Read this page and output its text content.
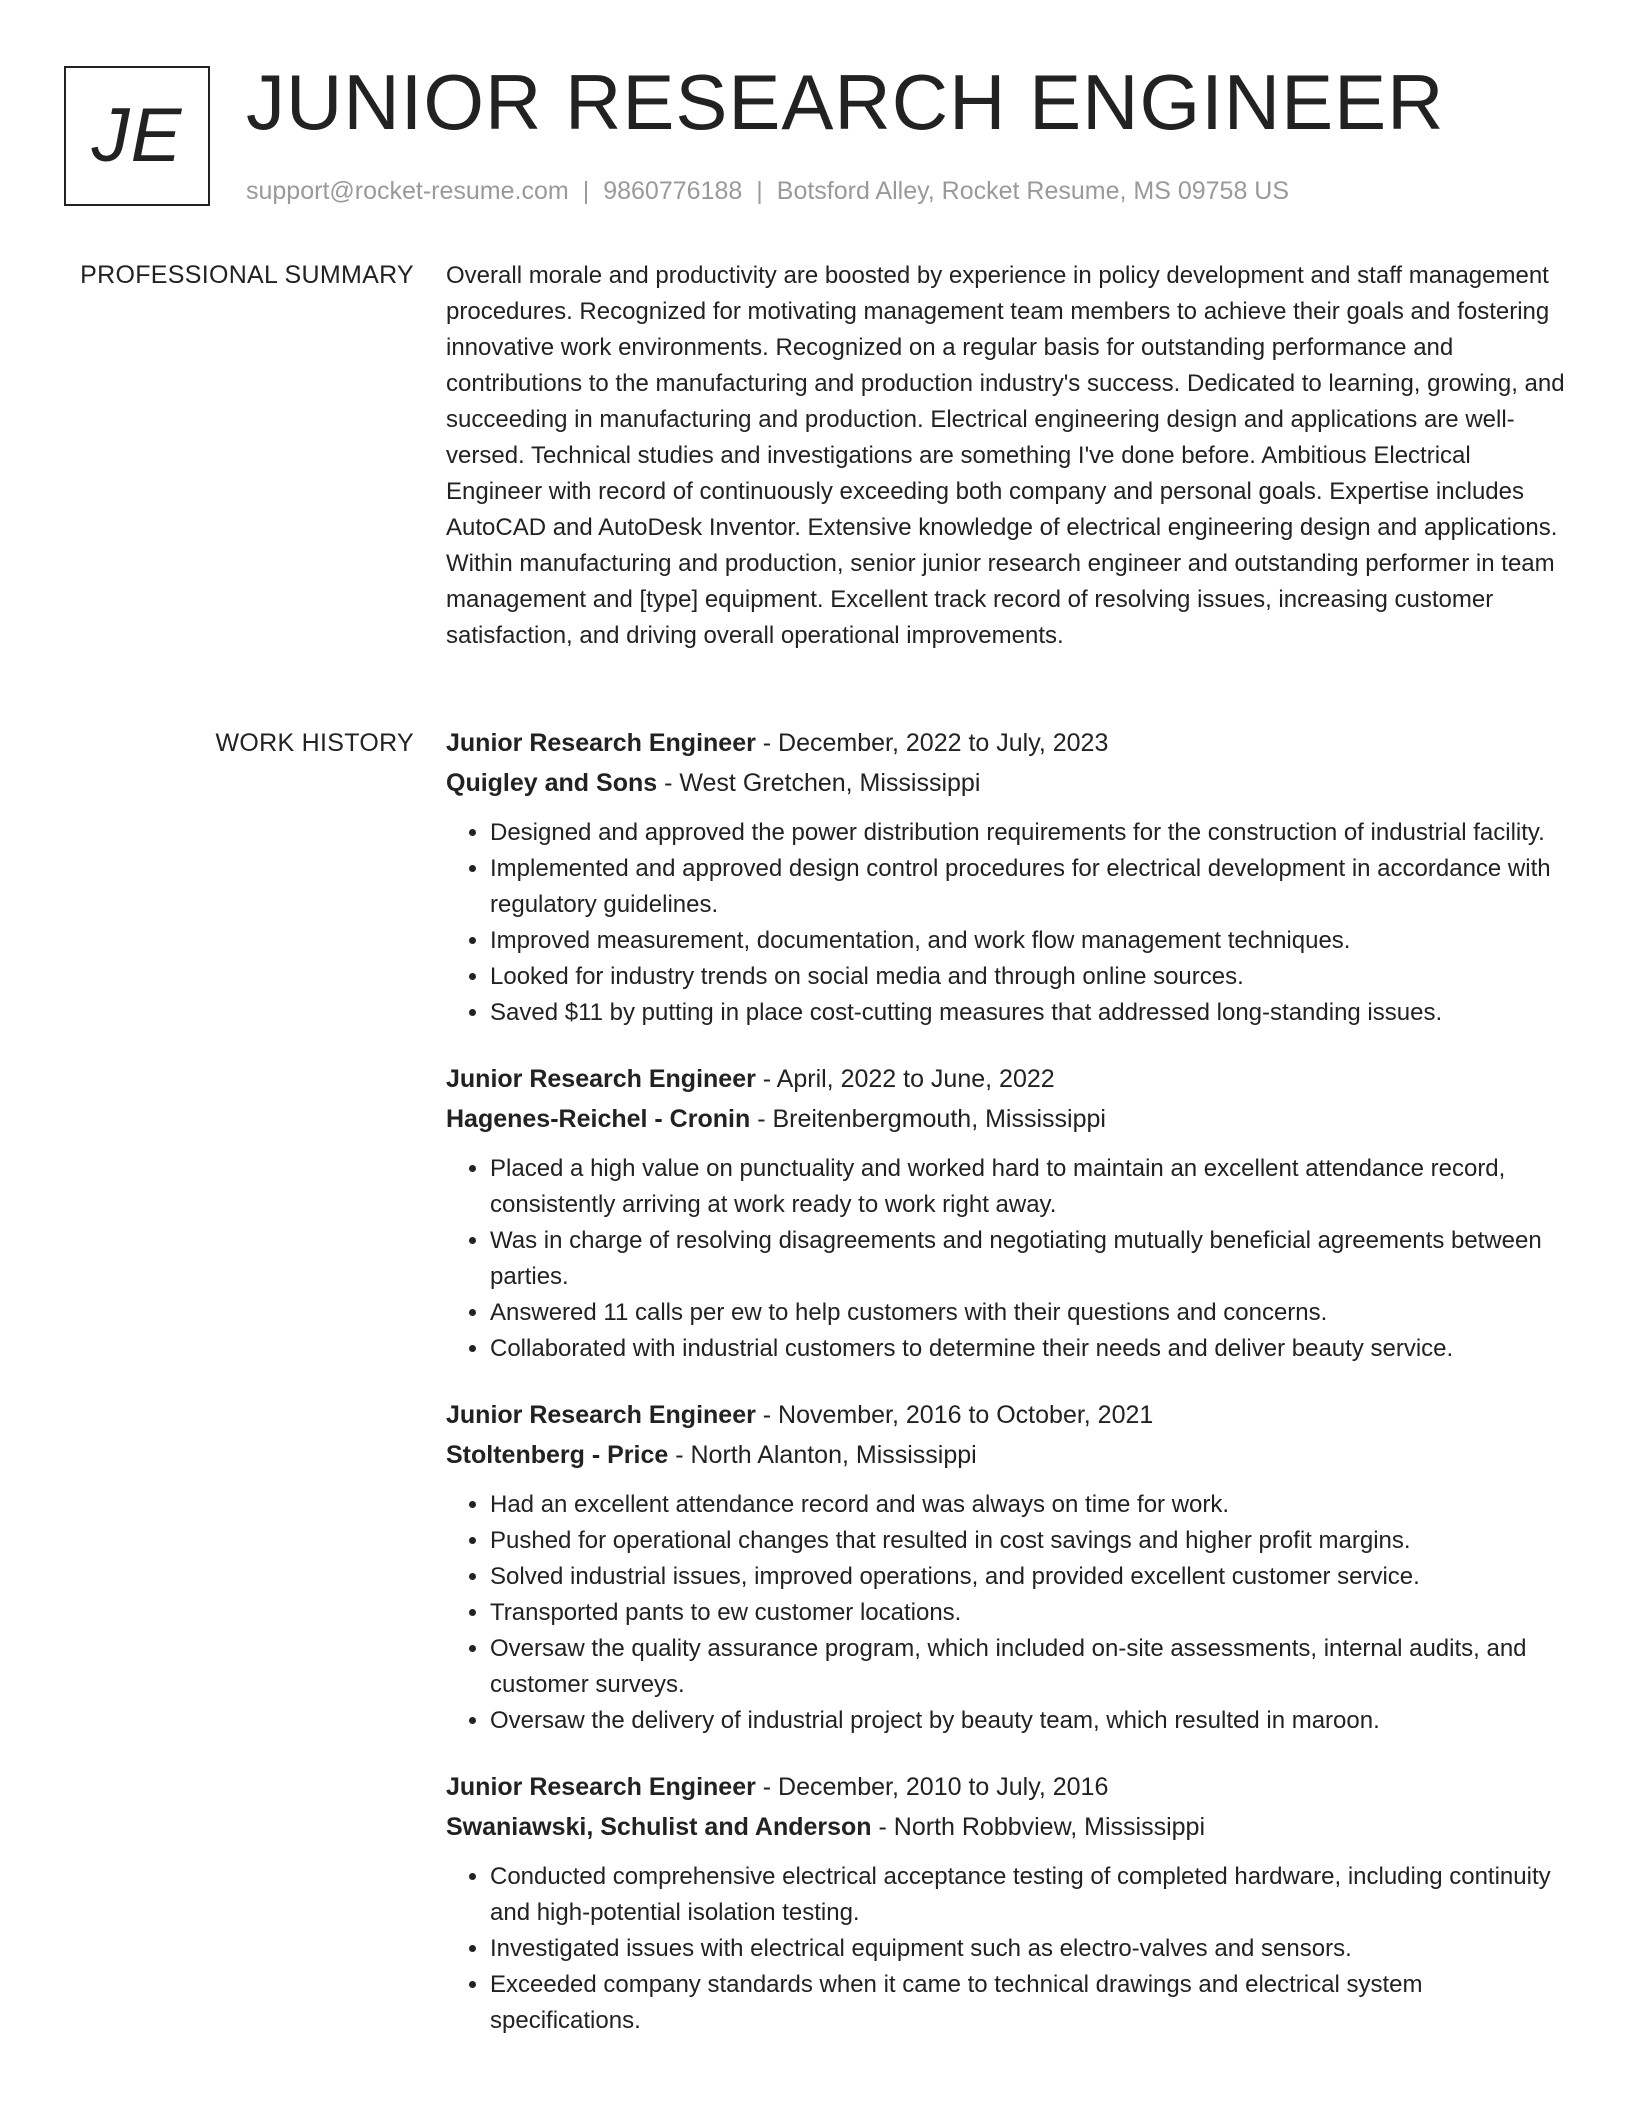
JE JUNIOR RESEARCH ENGINEER
support@rocket-resume.com | 9860776188 | Botsford Alley, Rocket Resume, MS 09758 US
PROFESSIONAL SUMMARY Overall morale and productivity are boosted by experience in policy development and staff management procedures. Recognized for motivating management team members to achieve their goals and fostering innovative work environments. Recognized on a regular basis for outstanding performance and contributions to the manufacturing and production industry's success. Dedicated to learning, growing, and succeeding in manufacturing and production. Electrical engineering design and applications are well-versed. Technical studies and investigations are something I've done before. Ambitious Electrical Engineer with record of continuously exceeding both company and personal goals. Expertise includes AutoCAD and AutoDesk Inventor. Extensive knowledge of electrical engineering design and applications. Within manufacturing and production, senior junior research engineer and outstanding performer in team management and [type] equipment. Excellent track record of resolving issues, increasing customer satisfaction, and driving overall operational improvements.

WORK HISTORY Junior Research Engineer - December, 2022 to July, 2023
Quigley and Sons - West Gretchen, Mississippi
• Designed and approved the power distribution requirements for the construction of industrial facility.
• Implemented and approved design control procedures for electrical development in accordance with regulatory guidelines.
• Improved measurement, documentation, and work flow management techniques.
• Looked for industry trends on social media and through online sources.
• Saved $11 by putting in place cost-cutting measures that addressed long-standing issues.
Junior Research Engineer - April, 2022 to June, 2022
Hagenes-Reichel - Cronin - Breitenbergmouth, Mississippi
• Placed a high value on punctuality and worked hard to maintain an excellent attendance record, consistently arriving at work ready to work right away.
• Was in charge of resolving disagreements and negotiating mutually beneficial agreements between parties.
• Answered 11 calls per ew to help customers with their questions and concerns.
• Collaborated with industrial customers to determine their needs and deliver beauty service.
Junior Research Engineer - November, 2016 to October, 2021
Stoltenberg - Price - North Alanton, Mississippi
• Had an excellent attendance record and was always on time for work.
• Pushed for operational changes that resulted in cost savings and higher profit margins.
• Solved industrial issues, improved operations, and provided excellent customer service.
• Transported pants to ew customer locations.
• Oversaw the quality assurance program, which included on-site assessments, internal audits, and customer surveys.
• Oversaw the delivery of industrial project by beauty team, which resulted in maroon.
Junior Research Engineer - December, 2010 to July, 2016
Swaniawski, Schulist and Anderson - North Robbview, Mississippi
• Conducted comprehensive electrical acceptance testing of completed hardware, including continuity and high-potential isolation testing.
• Investigated issues with electrical equipment such as electro-valves and sensors.
• Exceeded company standards when it came to technical drawings and electrical system specifications.
